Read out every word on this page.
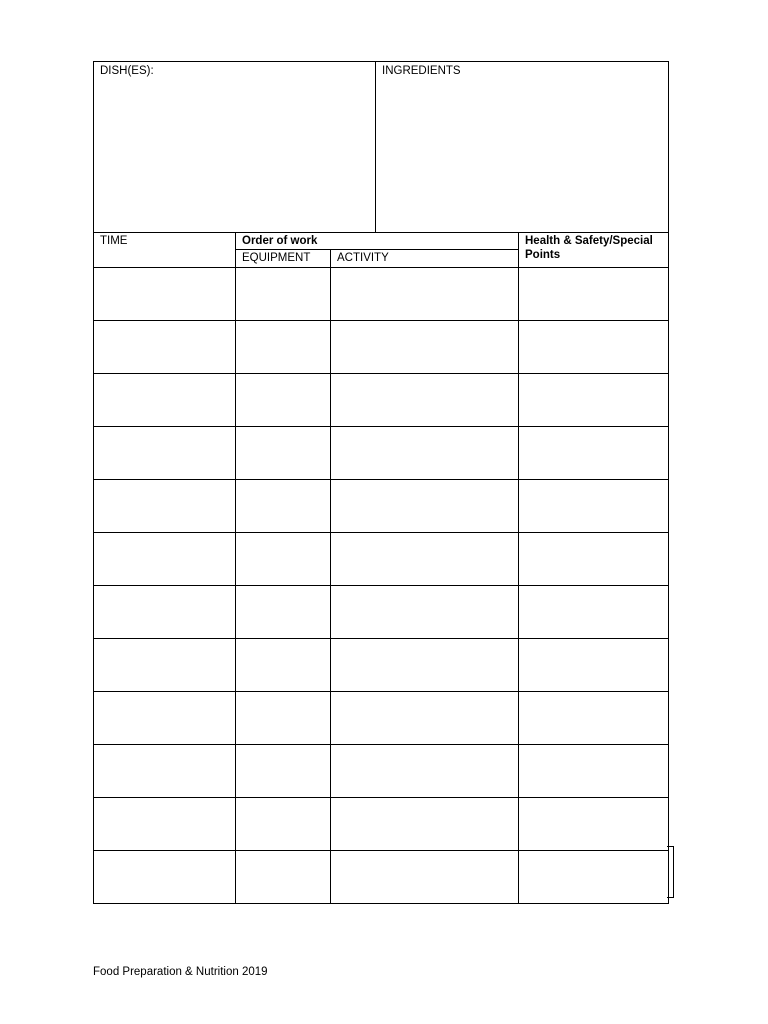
DISH(ES):	INGREDIENTS
TIME	Order of work		Health & Safety/Special Points

	EQUIPMENT	ACTIVITY	

Food Preparation & Nutrition 2019
